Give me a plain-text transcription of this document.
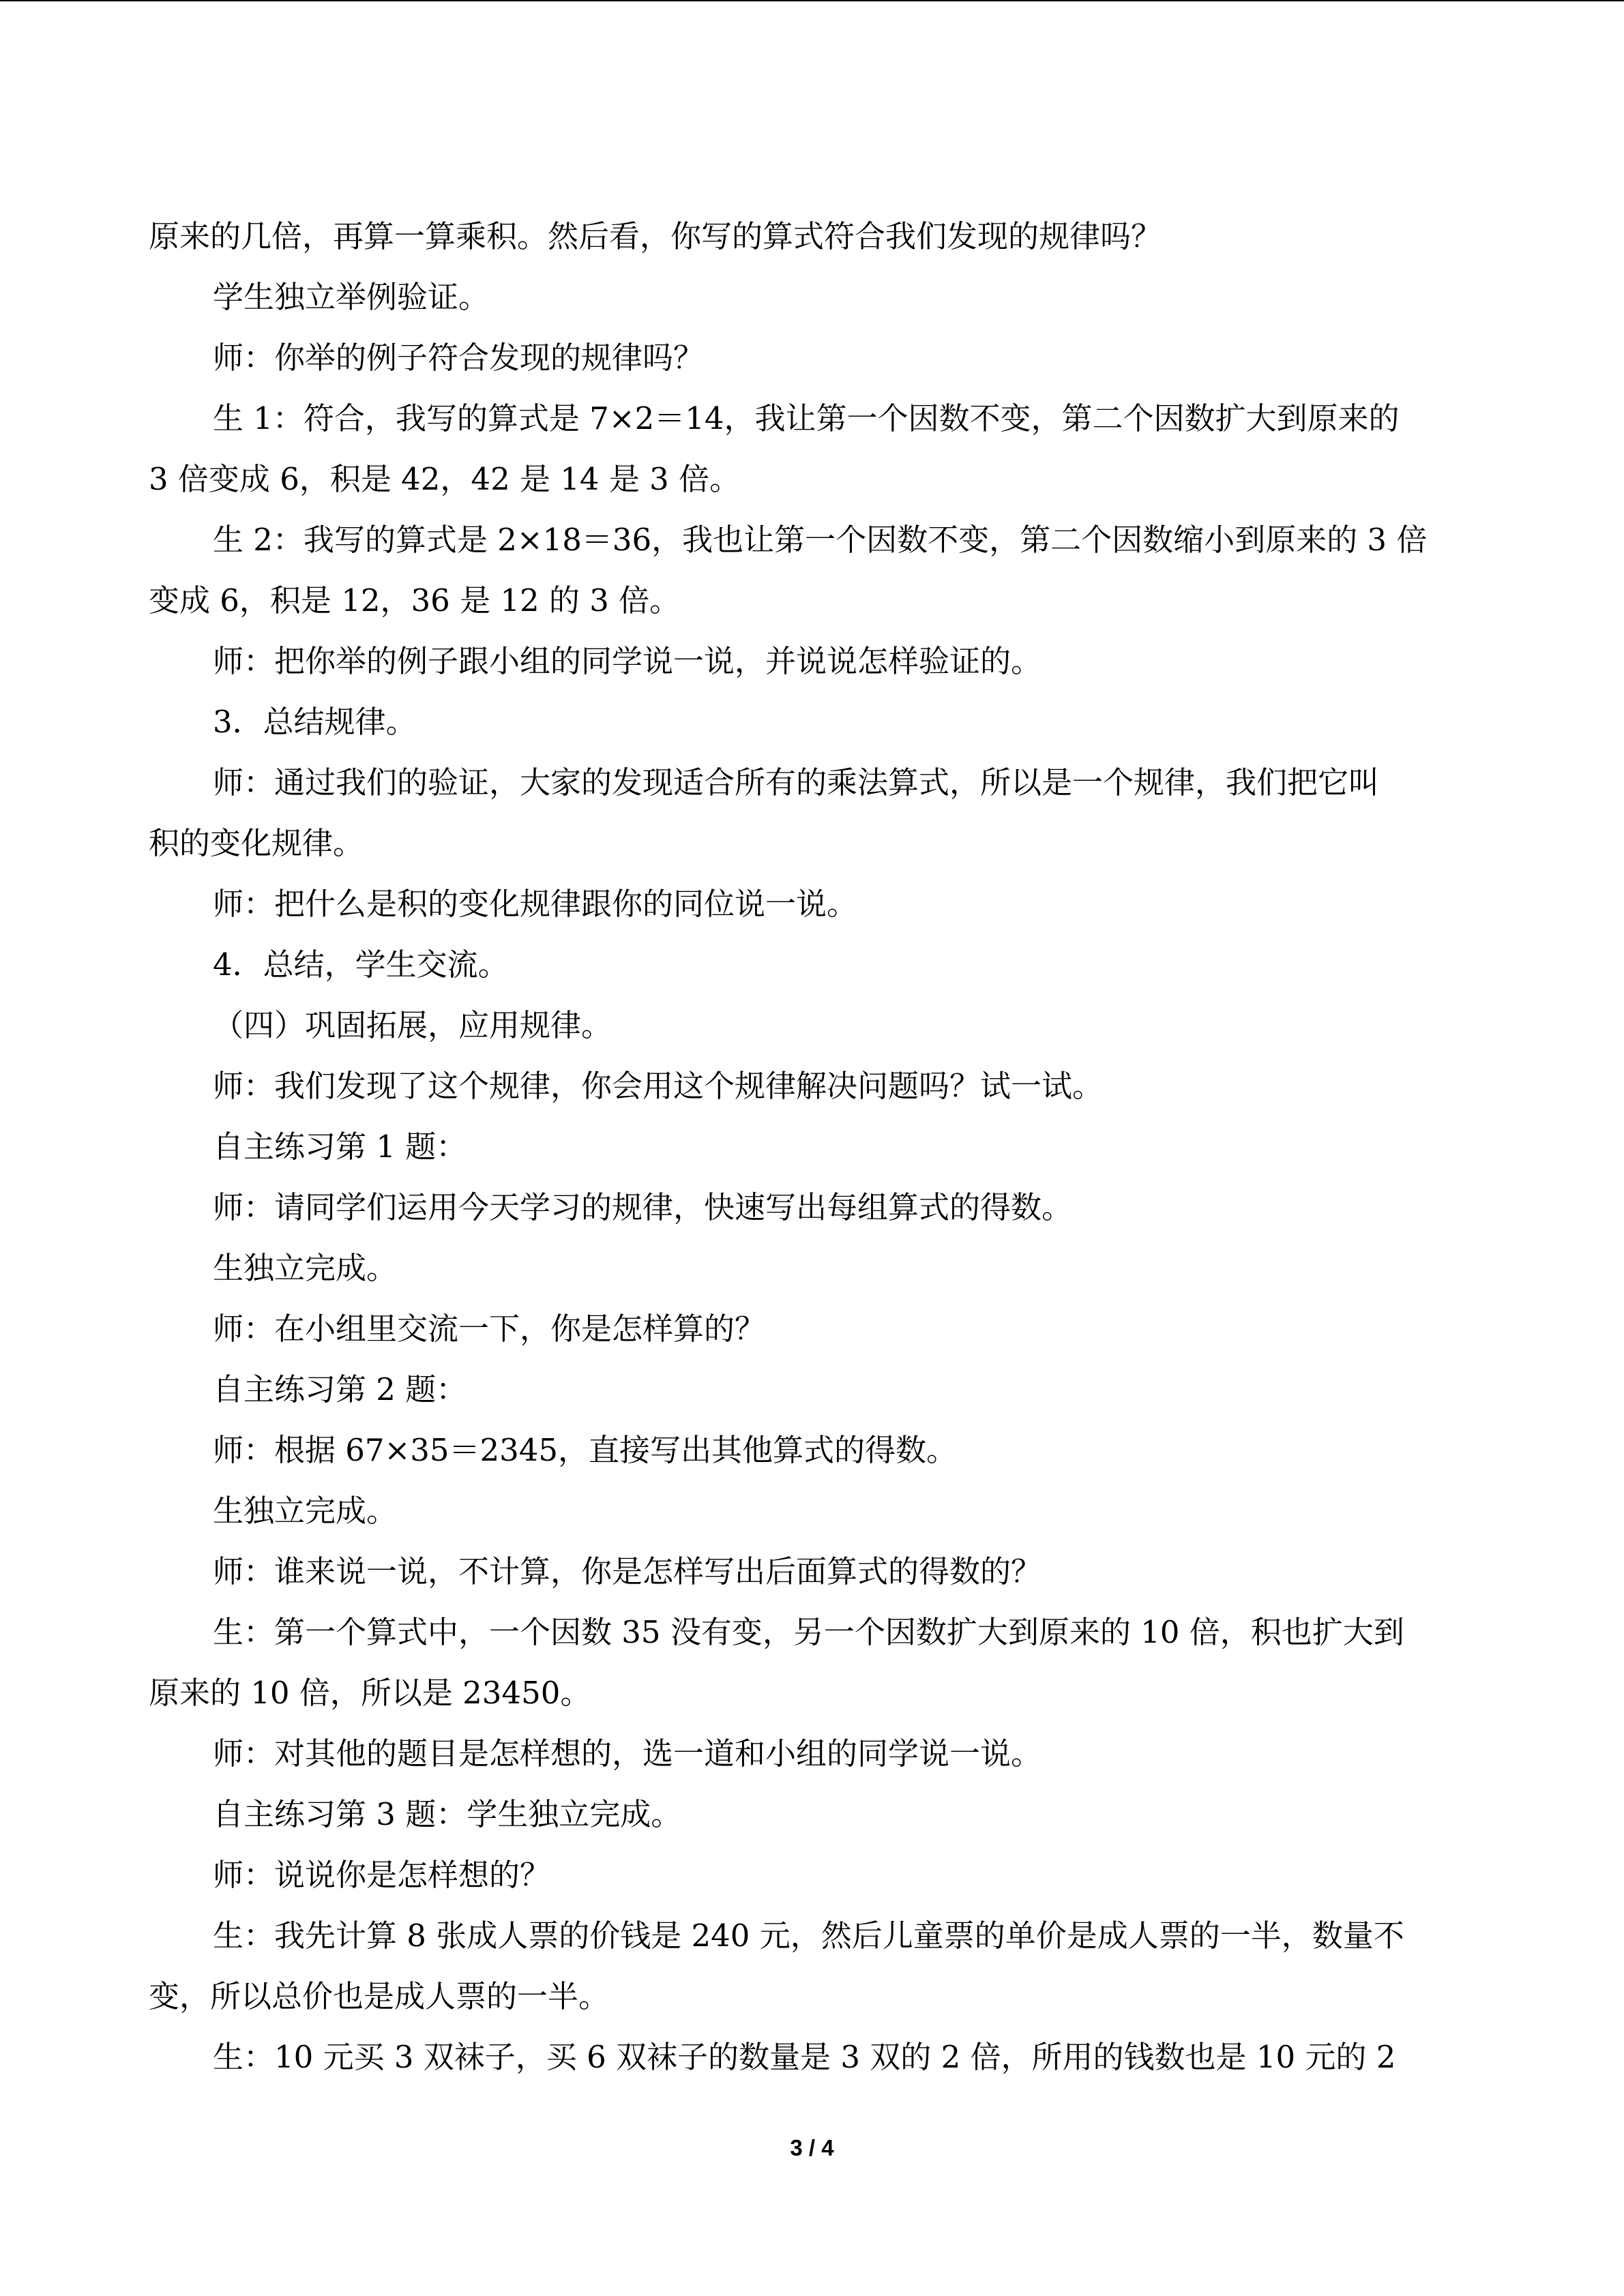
原来的几倍，再算一算乘积。然后看，你写的算式符合我们发现的规律吗？

学生独立举例验证。

师：你举的例子符合发现的规律吗？

生 1：符合，我写的算式是 7×2＝14，我让第一个因数不变，第二个因数扩大到原来的

3 倍变成 6，积是 42，42 是 14 是 3 倍。

生 2：我写的算式是 2×18＝36，我也让第一个因数不变，第二个因数缩小到原来的 3 倍

变成 6，积是 12，36 是 12 的 3 倍。

师：把你举的例子跟小组的同学说一说，并说说怎样验证的。

3．总结规律。

师：通过我们的验证，大家的发现适合所有的乘法算式，所以是一个规律，我们把它叫

积的变化规律。

师：把什么是积的变化规律跟你的同位说一说。

4．总结，学生交流。

（四）巩固拓展，应用规律。

师：我们发现了这个规律，你会用这个规律解决问题吗？试一试。

自主练习第 1 题：

师：请同学们运用今天学习的规律，快速写出每组算式的得数。

生独立完成。

师：在小组里交流一下，你是怎样算的？

自主练习第 2 题：

师：根据 67×35＝2345，直接写出其他算式的得数。

生独立完成。

师：谁来说一说，不计算，你是怎样写出后面算式的得数的？

生：第一个算式中，一个因数 35 没有变，另一个因数扩大到原来的 10 倍，积也扩大到

原来的 10 倍，所以是 23450。

师：对其他的题目是怎样想的，选一道和小组的同学说一说。

自主练习第 3 题：学生独立完成。

师：说说你是怎样想的？

生：我先计算 8 张成人票的价钱是 240 元，然后儿童票的单价是成人票的一半，数量不

变，所以总价也是成人票的一半。

生：10 元买 3 双袜子，买 6 双袜子的数量是 3 双的 2 倍，所用的钱数也是 10 元的 2

3 / 4
